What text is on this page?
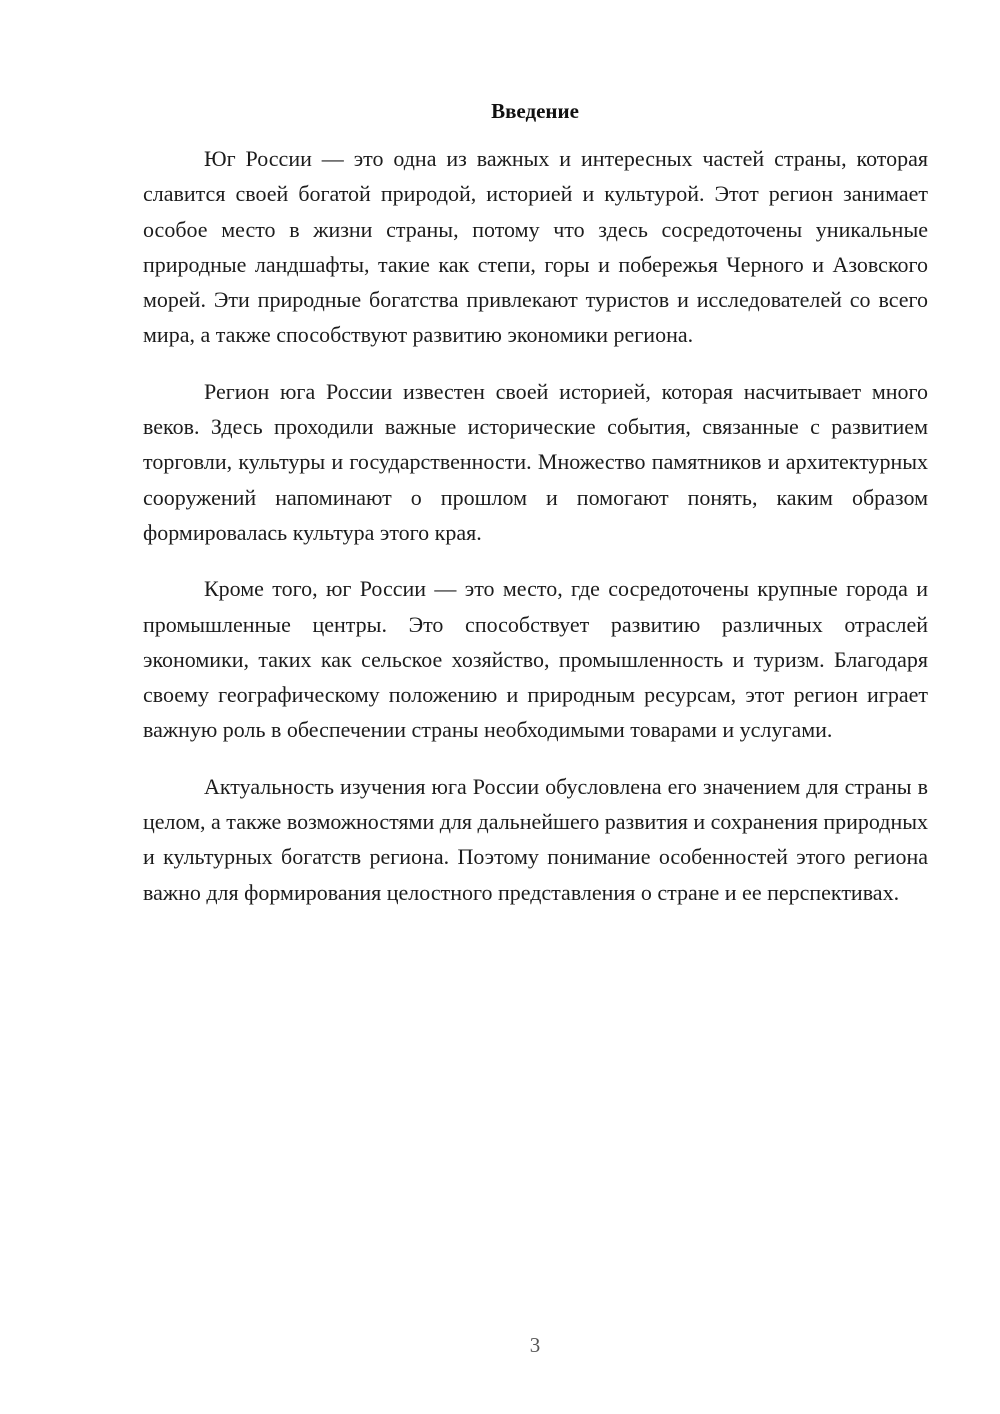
Введение

Юг России — это одна из важных и интересных частей страны, которая славится своей богатой природой, историей и культурой. Этот регион занимает особое место в жизни страны, потому что здесь сосредоточены уникальные природные ландшафты, такие как степи, горы и побережья Черного и Азовского морей. Эти природные богатства привлекают туристов и исследователей со всего мира, а также способствуют развитию экономики региона.

Регион юга России известен своей историей, которая насчитывает много веков. Здесь проходили важные исторические события, связанные с развитием торговли, культуры и государственности. Множество памятников и архитектурных сооружений напоминают о прошлом и помогают понять, каким образом формировалась культура этого края.

Кроме того, юг России — это место, где сосредоточены крупные города и промышленные центры. Это способствует развитию различных отраслей экономики, таких как сельское хозяйство, промышленность и туризм. Благодаря своему географическому положению и природным ресурсам, этот регион играет важную роль в обеспечении страны необходимыми товарами и услугами.

Актуальность изучения юга России обусловлена его значением для страны в целом, а также возможностями для дальнейшего развития и сохранения природных и культурных богатств региона. Поэтому понимание особенностей этого региона важно для формирования целостного представления о стране и ее перспективах.

3
